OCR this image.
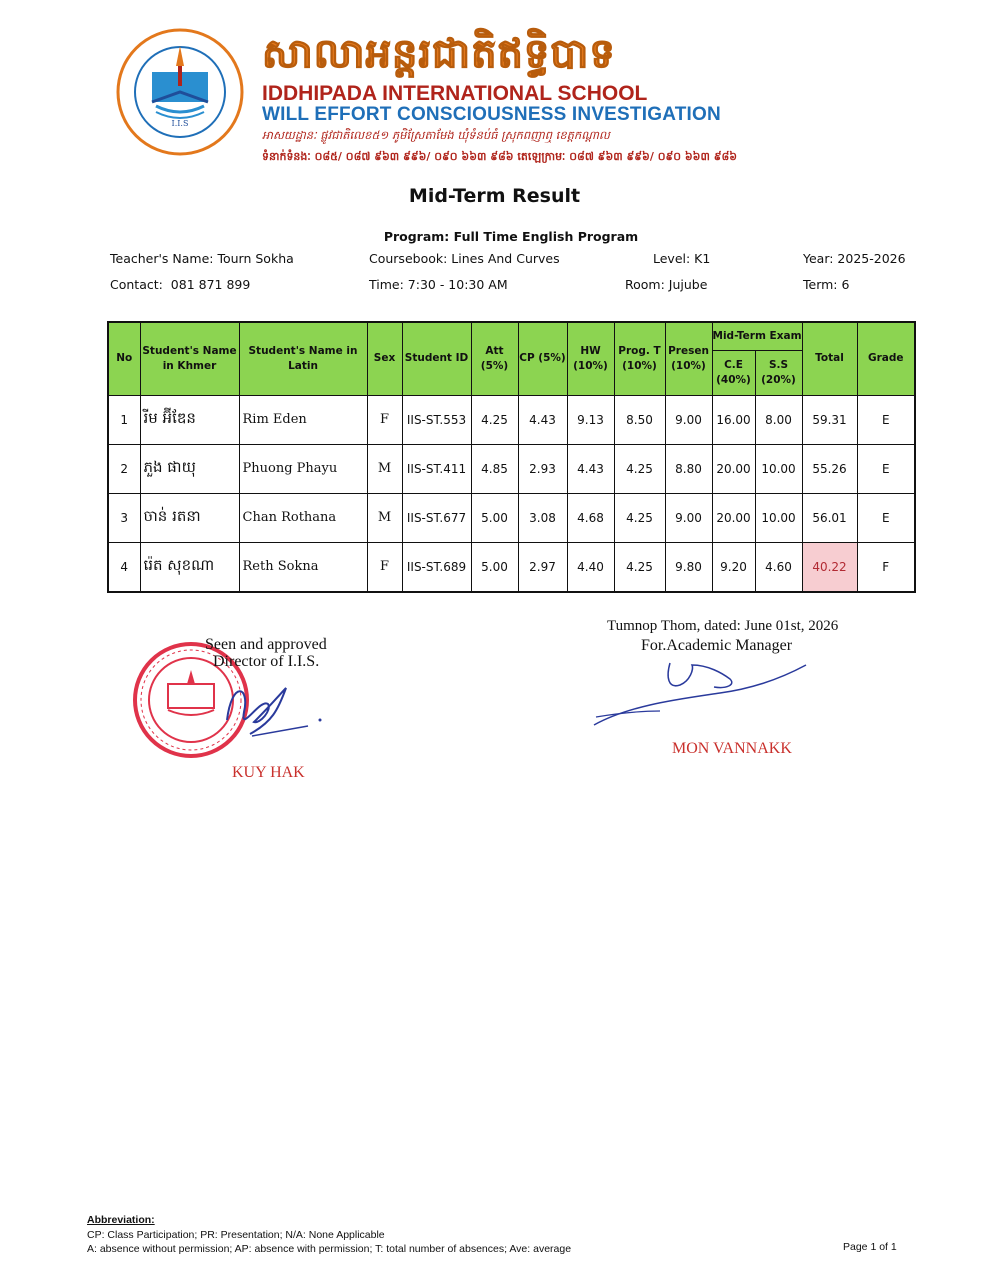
I.I.S
សាលាអន្តរជាតិឥទ្ធិបាទ
IDDHIPADA INTERNATIONAL SCHOOL
WILL EFFORT CONSCIOUSNESS INVESTIGATION
អាសយដ្ឋានៈ ផ្លូវជាតិលេខ៥១ ភូមិស្រែតាមែង ឃុំទំនប់ធំ ស្រុកពញាឮ ខេត្តកណ្តាល
ទំនាក់ទំនងៈ ០៨៥/ ០៨៧ ៩៦៣ ៩៩៦/ ០៩០ ៦៦៣ ៩៨៦ តេឡេក្រាមៈ ០៨៧ ៩៦៣ ៩៩៦/ ០៩០ ៦៦៣ ៩៨៦
Mid-Term Result
Program: Full Time English Program
Teacher's Name: Tourn Sokha	Coursebook: Lines And Curves	Level: K1	Year: 2025-2026
Contact:  081 871 899	Time: 7:30 - 10:30 AM	Room: Jujube	Term: 6
No	Student's Name in Khmer	Student's Name in Latin	Sex	Student ID	Att (5%)	CP (5%)	HW (10%)	Prog. T (10%)	Presen (10%)	Mid-Term Exam		Total	Grade
										C.E (40%)	S.S (20%)		
1	រីម អ៊ីឌែន	Rim Eden	F	IIS-ST.553	4.25	4.43	9.13	8.50	9.00	16.00	8.00	59.31	E
2	ភួង ផាយុ	Phuong Phayu	M	IIS-ST.411	4.85	2.93	4.43	4.25	8.80	20.00	10.00	55.26	E
3	ចាន់ រតនា	Chan Rothana	M	IIS-ST.677	5.00	3.08	4.68	4.25	9.00	20.00	10.00	56.01	E
4	រ៉េត សុខណា	Reth Sokna	F	IIS-ST.689	5.00	2.97	4.40	4.25	9.80	9.20	4.60	40.22	F
Seen and approved
Director of I.I.S.
KUY HAK
Tumnop Thom, dated: June 01st, 2026
For.Academic Manager
MON VANNAKK
Abbreviation:
CP: Class Participation; PR: Presentation; N/A: None Applicable
A: absence without permission; AP: absence with permission; T: total number of absences; Ave: average	Page 1 of 1
